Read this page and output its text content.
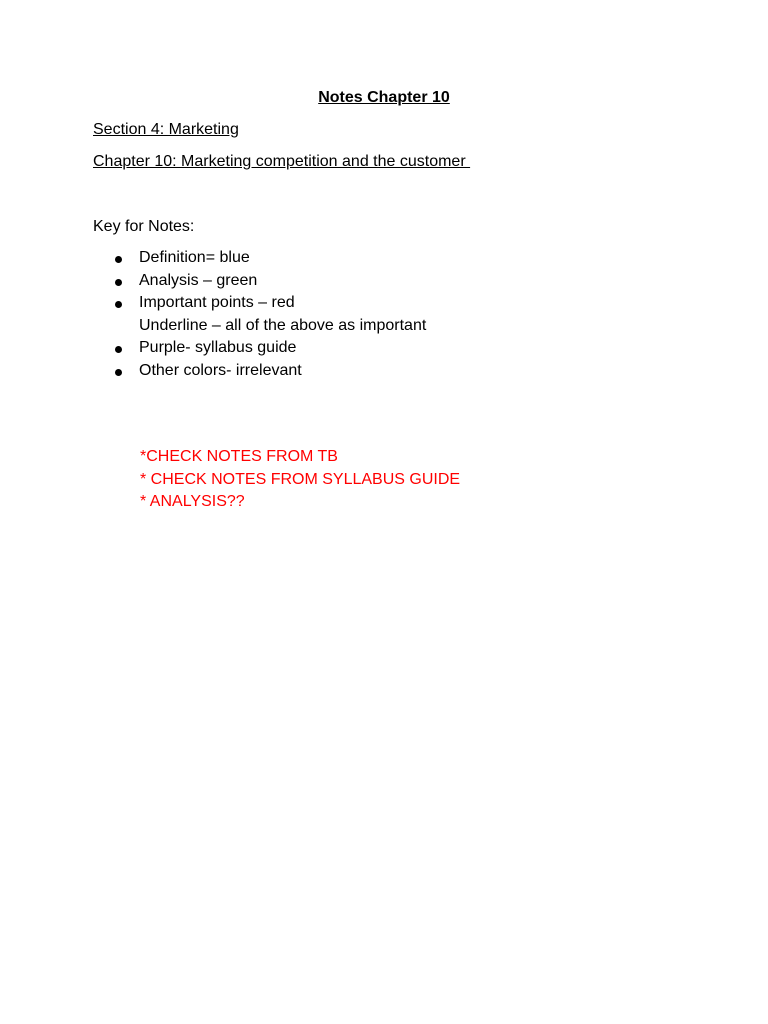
Notes Chapter 10
Section 4: Marketing
Chapter 10: Marketing competition and the customer
Key for Notes:
Definition= blue
Analysis – green
Important points – red
Underline – all of the above as important
Purple- syllabus guide
Other colors- irrelevant
*CHECK NOTES FROM TB
* CHECK NOTES FROM SYLLABUS GUIDE
* ANALYSIS??
